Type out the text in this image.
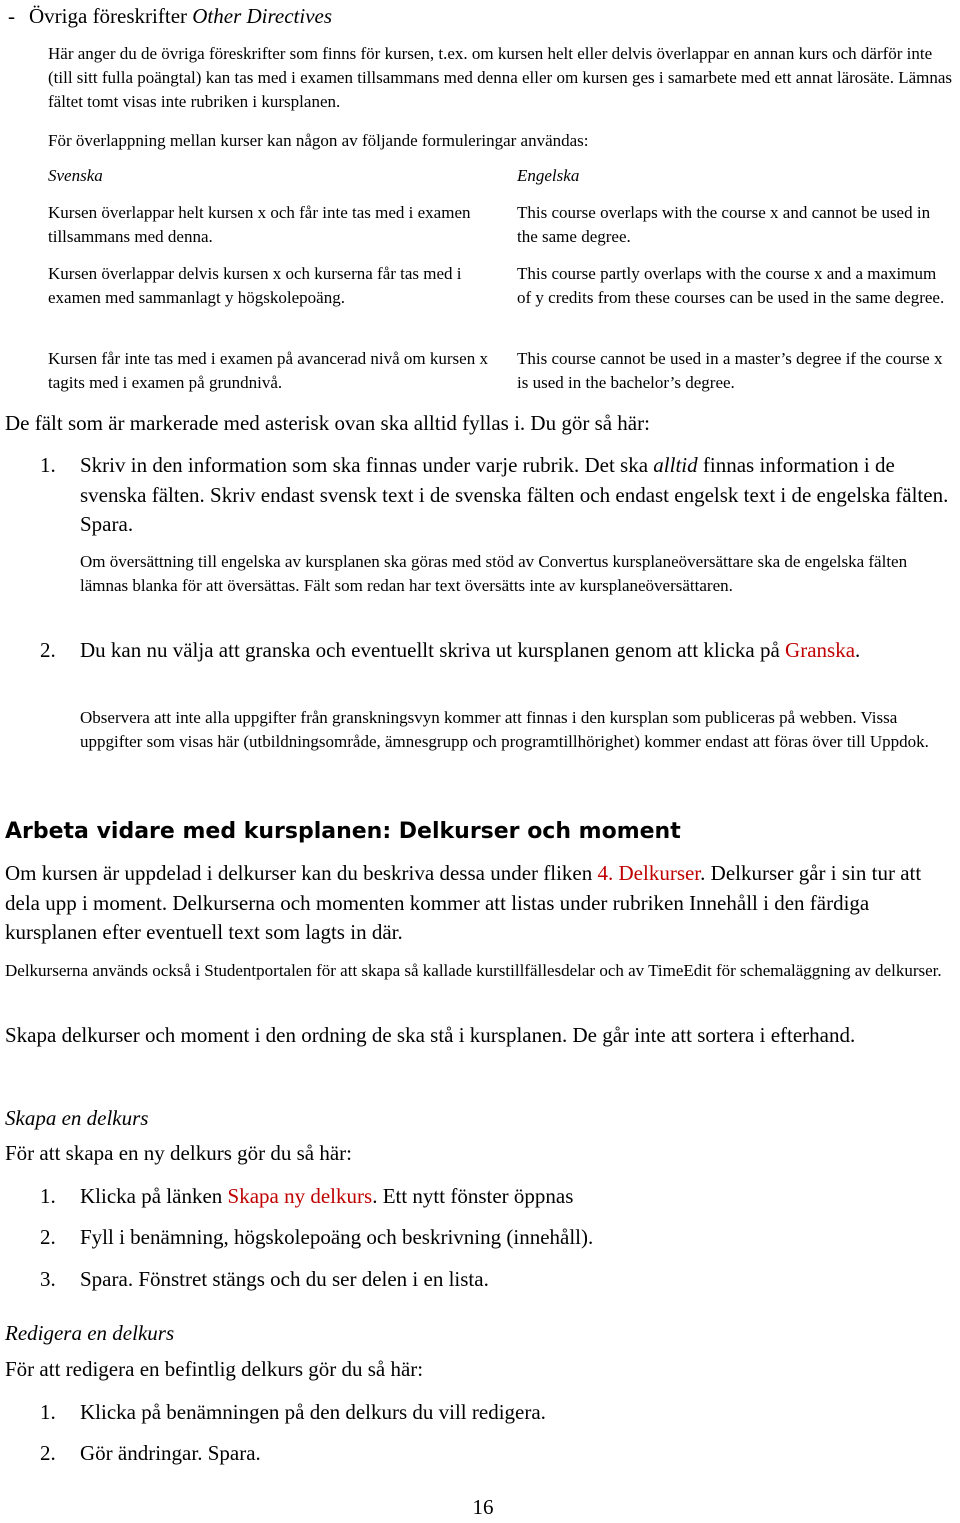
- Övriga föreskrifter Other Directives

Här anger du de övriga föreskrifter som finns för kursen, t.ex. om kursen helt eller delvis överlappar en annan kurs och därför inte (till sitt fulla poängtal) kan tas med i examen tillsammans med denna eller om kursen ges i samarbete med ett annat lärosäte. Lämnas fältet tomt visas inte rubriken i kursplanen.

För överlappning mellan kurser kan någon av följande formuleringar användas:

Svenska	Engelska

Kursen överlappar helt kursen x och får inte tas med i examen tillsammans med denna.

This course overlaps with the course x and cannot be used in the same degree.

Kursen överlappar delvis kursen x och kurserna får tas med i examen med sammanlagt y högskolepoäng.

This course partly overlaps with the course x and a maximum of y credits from these courses can be used in the same degree.

Kursen får inte tas med i examen på avancerad nivå om kursen x tagits med i examen på grundnivå.

This course cannot be used in a master’s degree if the course x is used in the bachelor’s degree.

De fält som är markerade med asterisk ovan ska alltid fyllas i. Du gör så här:

1. Skriv in den information som ska finnas under varje rubrik. Det ska alltid finnas information i de svenska fälten. Skriv endast svensk text i de svenska fälten och endast engelsk text i de engelska fälten. Spara.

Om översättning till engelska av kursplanen ska göras med stöd av Convertus kursplaneöversättare ska de engelska fälten lämnas blanka för att översättas. Fält som redan har text översätts inte av kursplaneöversättaren.

2. Du kan nu välja att granska och eventuellt skriva ut kursplanen genom att klicka på Granska.

Observera att inte alla uppgifter från granskningsvyn kommer att finnas i den kursplan som publiceras på webben. Vissa uppgifter som visas här (utbildningsområde, ämnesgrupp och programtillhörighet) kommer endast att föras över till Uppdok.

Arbeta vidare med kursplanen: Delkurser och moment

Om kursen är uppdelad i delkurser kan du beskriva dessa under fliken 4. Delkurser. Delkurser går i sin tur att dela upp i moment. Delkurserna och momenten kommer att listas under rubriken Innehåll i den färdiga kursplanen efter eventuell text som lagts in där.

Delkurserna används också i Studentportalen för att skapa så kallade kurstillfällesdelar och av TimeEdit för schemaläggning av delkurser.

Skapa delkurser och moment i den ordning de ska stå i kursplanen. De går inte att sortera i efterhand.

Skapa en delkurs
För att skapa en ny delkurs gör du så här:
1. Klicka på länken Skapa ny delkurs. Ett nytt fönster öppnas
2. Fyll i benämning, högskolepoäng och beskrivning (innehåll).
3. Spara. Fönstret stängs och du ser delen i en lista.
Redigera en delkurs
För att redigera en befintlig delkurs gör du så här:
1. Klicka på benämningen på den delkurs du vill redigera.
2. Gör ändringar. Spara.
16
